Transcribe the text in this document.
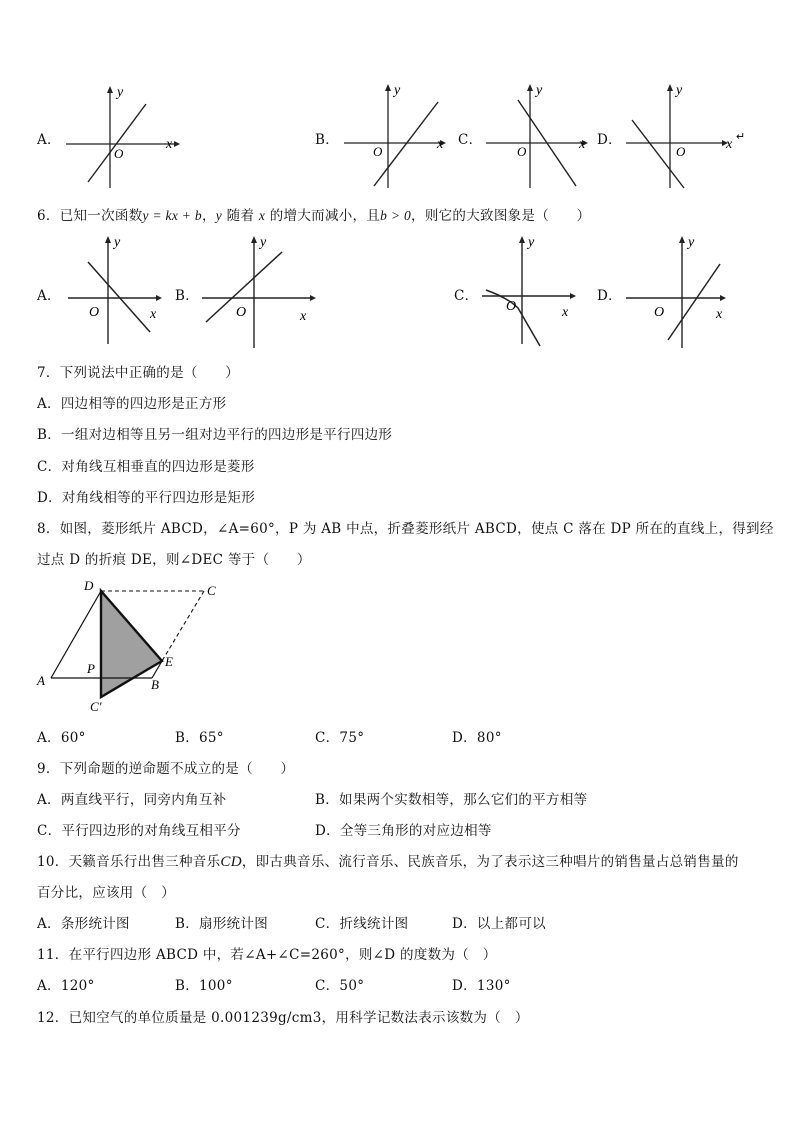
A．	x
y
O
B．	x
y
O
C．	x
y
O
D．	x
y
O
↵
6．已知一次函数y = kx + b，y 随着 x 的增大而减小，且b > 0，则它的大致图象是（　　）
A．
x
y
O
B．
x
y
O
C．
x
y
O
D．
x
y
O
7．下列说法中正确的是（　　）
A．四边相等的四边形是正方形
B．一组对边相等且另一组对边平行的四边形是平行四边形
C．对角线互相垂直的四边形是菱形
D．对角线相等的平行四边形是矩形
8．如图，菱形纸片 ABCD，∠A=60°，P 为 AB 中点，折叠菱形纸片 ABCD，使点 C 落在 DP 所在的直线上，得到经
过点 D 的折痕 DE，则∠DEC 等于（　　）
D	C
A
P
B
E
C′
A．60°	B．65°	C．75°	D．80°
9．下列命题的逆命题不成立的是（　　）
A．两直线平行，同旁内角互补	B．如果两个实数相等，那么它们的平方相等
C．平行四边形的对角线互相平分	D．全等三角形的对应边相等
10．天籁音乐行出售三种音乐CD，即古典音乐、流行音乐、民族音乐，为了表示这三种唱片的销售量占总销售量的
百分比，应该用（　）
A．条形统计图	B．扇形统计图	C．折线统计图	D．以上都可以
11．在平行四边形 ABCD 中，若∠A+∠C=260°，则∠D 的度数为（　）
A．120°	B．100°	C．50°	D．130°
12．已知空气的单位质量是 0.001239g/cm3，用科学记数法表示该数为（　）
